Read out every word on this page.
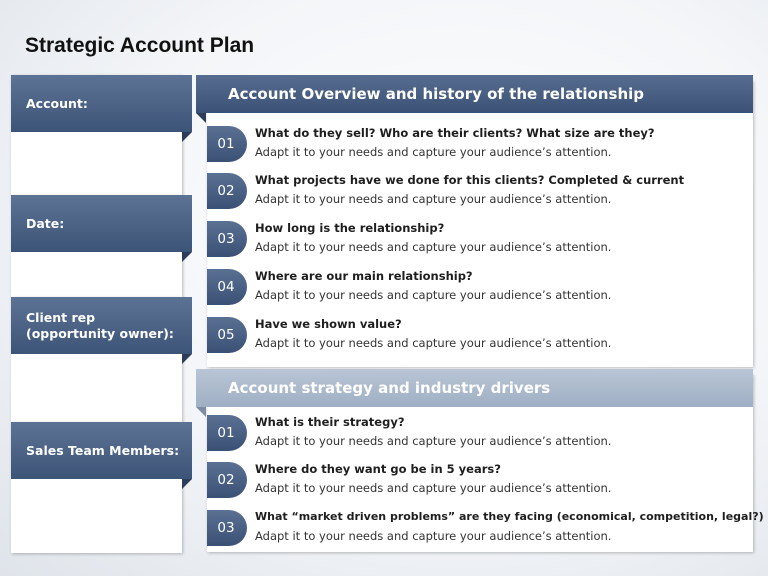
Strategic Account Plan
Account:
Date:
Client rep
(opportunity owner):
Sales Team Members:
Account Overview and history of the relationship
01
What do they sell? Who are their clients? What size are they?
Adapt it to your needs and capture your audience’s attention.
02
What projects have we done for this clients? Completed & current
Adapt it to your needs and capture your audience’s attention.
03
How long is the relationship?
Adapt it to your needs and capture your audience’s attention.
04
Where are our main relationship?
Adapt it to your needs and capture your audience’s attention.
05
Have we shown value?
Adapt it to your needs and capture your audience’s attention.
Account strategy and industry drivers
01
What is their strategy?
Adapt it to your needs and capture your audience’s attention.
02
Where do they want go be in 5 years?
Adapt it to your needs and capture your audience’s attention.
03
What “market driven problems” are they facing (economical, competition, legal?)
Adapt it to your needs and capture your audience’s attention.
